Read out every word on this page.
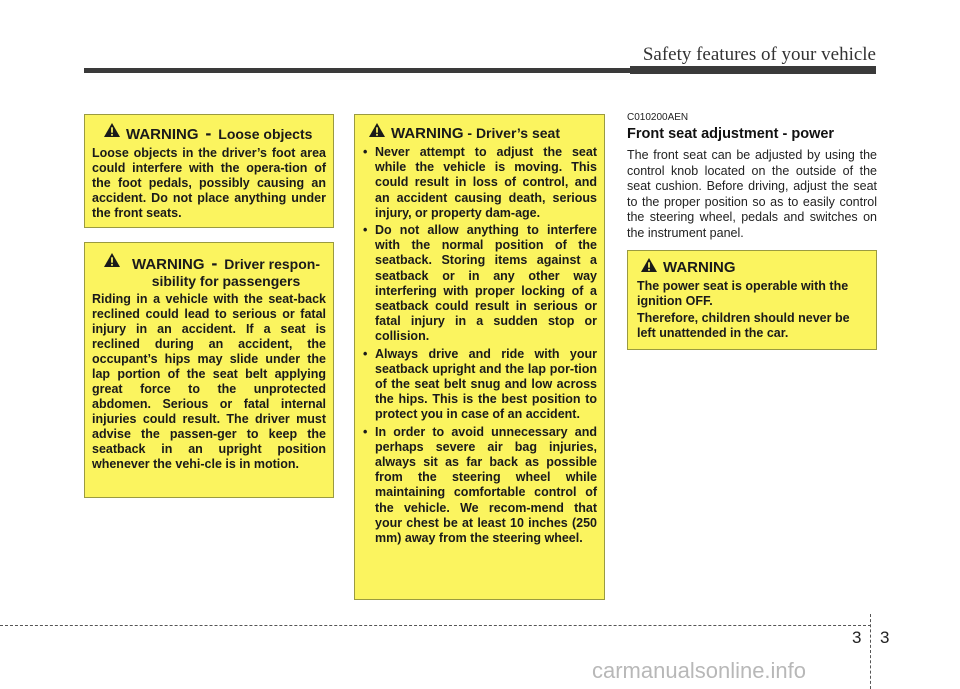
Safety features of your vehicle
WARNING - Loose objects
Loose objects in the driver’s foot area could interfere with the opera-tion of the foot pedals, possibly causing an accident. Do not place anything under the front seats.
WARNING - Driver respon-sibility for passengers
Riding in a vehicle with the seat-back reclined could lead to serious or fatal injury in an accident. If a seat is reclined during an accident, the occupant’s hips may slide under the lap portion of the seat belt applying great force to the unprotected abdomen. Serious or fatal internal injuries could result. The driver must advise the passen-ger to keep the seatback in an upright position whenever the vehi-cle is in motion.
WARNING - Driver’s seat
• Never attempt to adjust the seat while the vehicle is moving. This could result in loss of control, and an accident causing death, serious injury, or property dam-age.
• Do not allow anything to interfere with the normal position of the seatback. Storing items against a seatback or in any other way interfering with proper locking of a seatback could result in serious or fatal injury in a sudden stop or collision.
• Always drive and ride with your seatback upright and the lap por-tion of the seat belt snug and low across the hips. This is the best position to protect you in case of an accident.
• In order to avoid unnecessary and perhaps severe air bag injuries, always sit as far back as possible from the steering wheel while maintaining comfortable control of the vehicle. We recom-mend that your chest be at least 10 inches (250 mm) away from the steering wheel.
C010200AEN
Front seat adjustment - power
The front seat can be adjusted by using the control knob located on the outside of the seat cushion. Before driving, adjust the seat to the proper position so as to easily control the steering wheel, pedals and switches on the instrument panel.
WARNING

The power seat is operable with the ignition OFF.

Therefore, children should never be left unattended in the car.

3 3
carmanualsonline.info
